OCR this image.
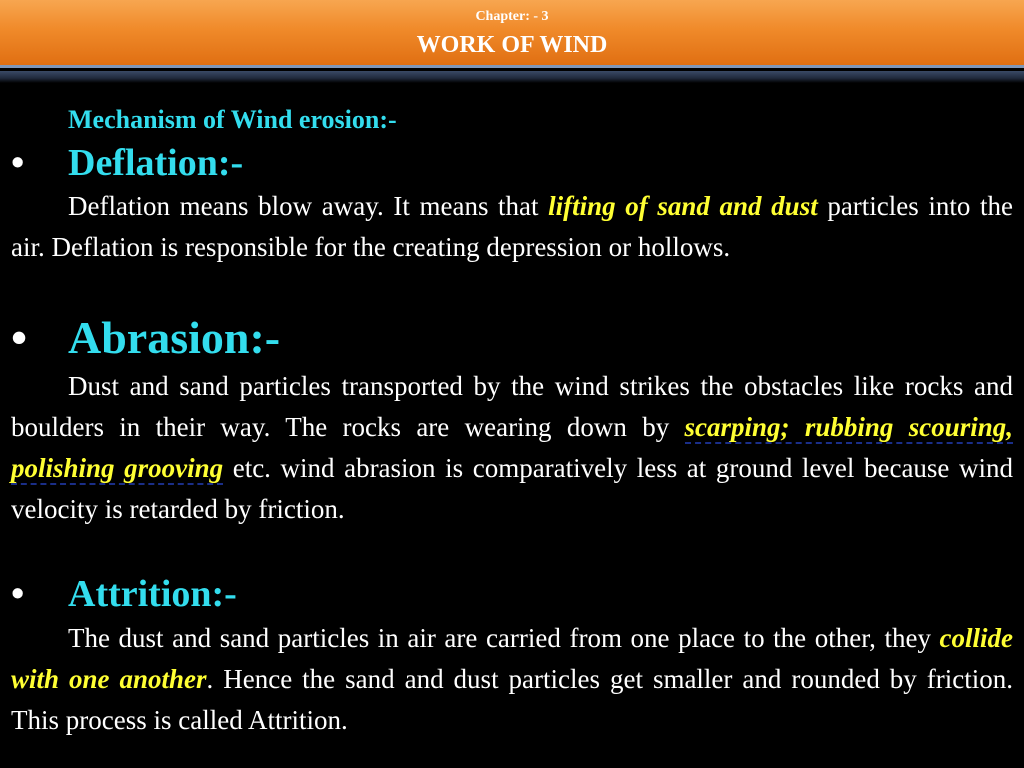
Chapter: - 3
WORK OF WIND
Mechanism of Wind erosion:-
• Deflation:-

Deflation means blow away. It means that lifting of sand and dust particles into the air. Deflation is responsible for the creating depression or hollows.

• Abrasion:-

Dust and sand particles transported by the wind strikes the obstacles like rocks and boulders in their way. The rocks are wearing down by scarping; rubbing scouring, polishing grooving etc. wind abrasion is comparatively less at ground level because wind velocity is retarded by friction.

• Attrition:-

The dust and sand particles in air are carried from one place to the other, they collide with one another. Hence the sand and dust particles get smaller and rounded by friction. This process is called Attrition.
